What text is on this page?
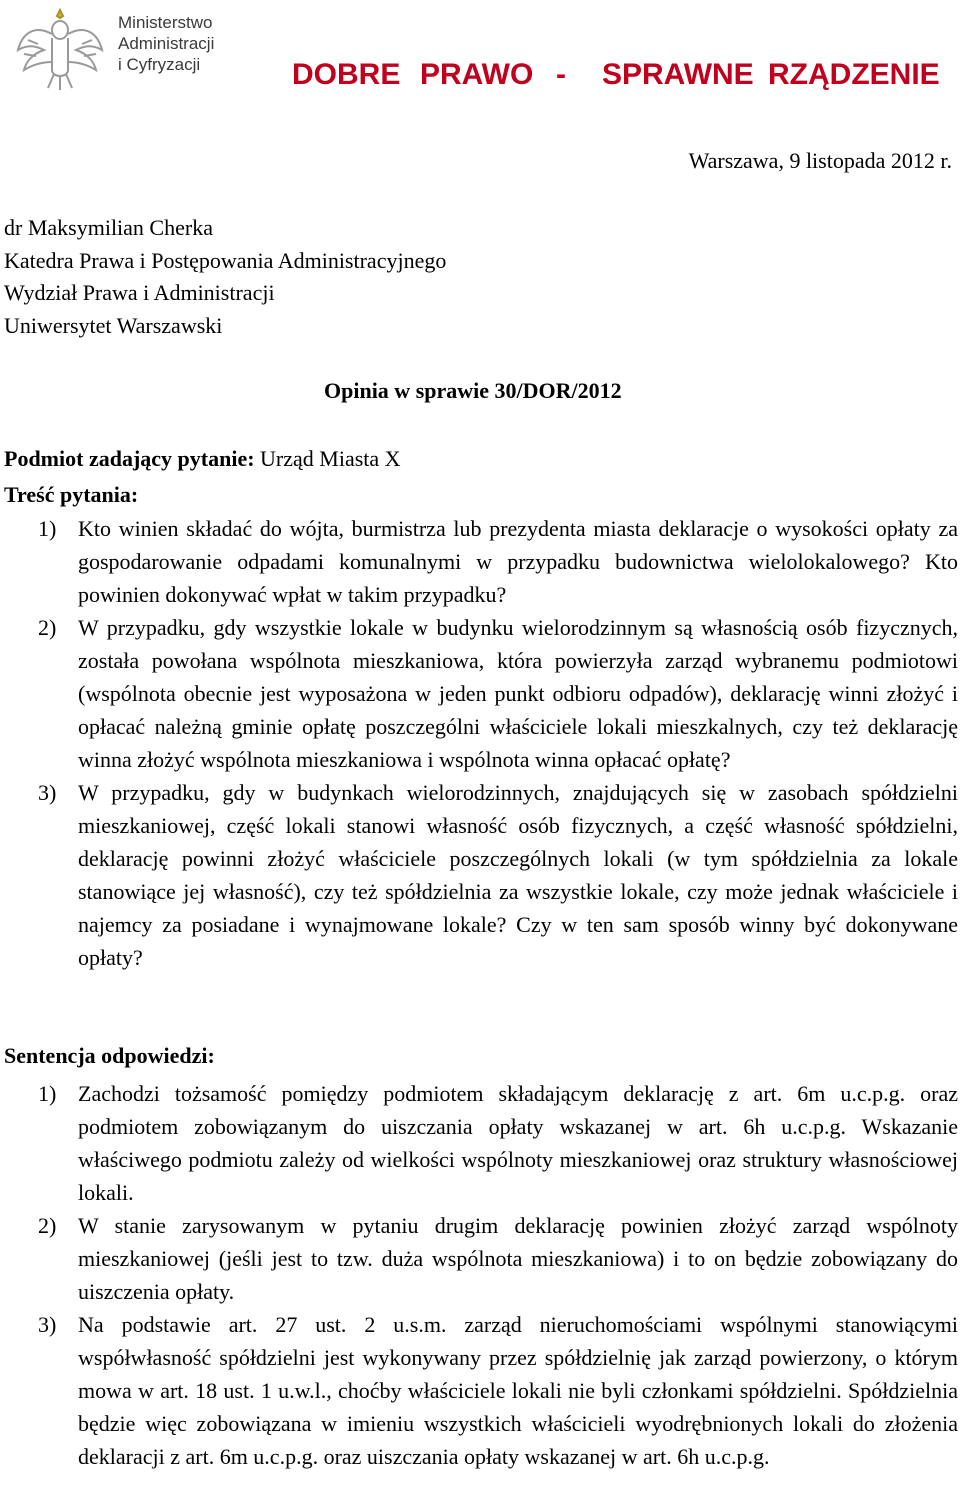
Ministerstwo
Administracji
i Cyfryzacji	DOBRE PRAWO - SPRAWNE RZĄDZENIE
Warszawa, 9 listopada 2012 r.
dr Maksymilian Cherka
Katedra Prawa i Postępowania Administracyjnego
Wydział Prawa i Administracji
Uniwersytet Warszawski
Opinia w sprawie 30/DOR/2012
Podmiot zadający pytanie: Urząd Miasta X
Treść pytania:
1) Kto winien składać do wójta, burmistrza lub prezydenta miasta deklaracje o wysokości opłaty za gospodarowanie odpadami komunalnymi w przypadku budownictwa wielolokalowego? Kto powinien dokonywać wpłat w takim przypadku?
2) W przypadku, gdy wszystkie lokale w budynku wielorodzinnym są własnością osób fizycznych, została powołana wspólnota mieszkaniowa, która powierzyła zarząd wybranemu podmiotowi (wspólnota obecnie jest wyposażona w jeden punkt odbioru odpadów), deklarację winni złożyć i opłacać należną gminie opłatę poszczególni właściciele lokali mieszkalnych, czy też deklarację winna złożyć wspólnota mieszkaniowa i wspólnota winna opłacać opłatę?
3) W przypadku, gdy w budynkach wielorodzinnych, znajdujących się w zasobach spółdzielni mieszkaniowej, część lokali stanowi własność osób fizycznych, a część własność spółdzielni, deklarację powinni złożyć właściciele poszczególnych lokali (w tym spółdzielnia za lokale stanowiące jej własność), czy też spółdzielnia za wszystkie lokale, czy może jednak właściciele i najemcy za posiadane i wynajmowane lokale? Czy w ten sam sposób winny być dokonywane opłaty?
Sentencja odpowiedzi:
1) Zachodzi tożsamość pomiędzy podmiotem składającym deklarację z art. 6m u.c.p.g. oraz podmiotem zobowiązanym do uiszczania opłaty wskazanej w art. 6h u.c.p.g. Wskazanie właściwego podmiotu zależy od wielkości wspólnoty mieszkaniowej oraz struktury własnościowej lokali.
2) W stanie zarysowanym w pytaniu drugim deklarację powinien złożyć zarząd wspólnoty mieszkaniowej (jeśli jest to tzw. duża wspólnota mieszkaniowa) i to on będzie zobowiązany do uiszczenia opłaty.
3) Na podstawie art. 27 ust. 2 u.s.m. zarząd nieruchomościami wspólnymi stanowiącymi współwłasność spółdzielni jest wykonywany przez spółdzielnię jak zarząd powierzony, o którym mowa w art. 18 ust. 1 u.w.l., choćby właściciele lokali nie byli członkami spółdzielni. Spółdzielnia będzie więc zobowiązana w imieniu wszystkich właścicieli wyodrębnionych lokali do złożenia deklaracji z art. 6m u.c.p.g. oraz uiszczania opłaty wskazanej w art. 6h u.c.p.g.
